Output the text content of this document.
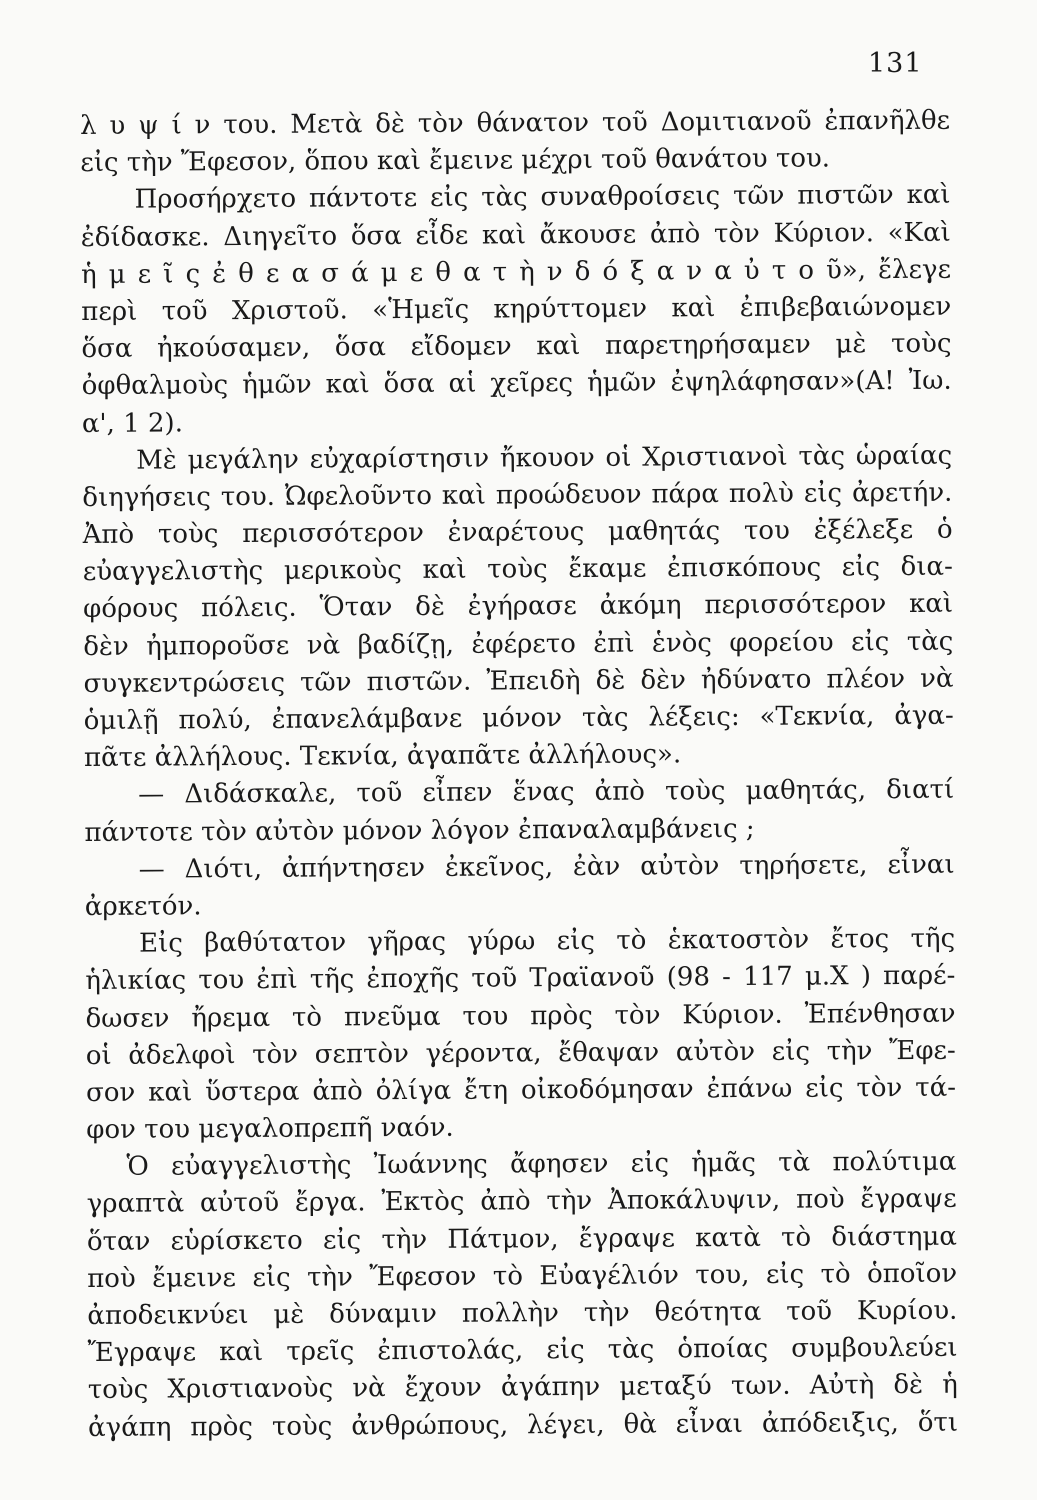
131
λ υ ψ ί ν του. Μετὰ δὲ τὸν θάνατον τοῦ Δομιτιανοῦ ἐπανῆλθε
εἰς τὴν Ἔφεσον, ὅπου καὶ ἔμεινε μέχρι τοῦ θανάτου του.
Προσήρχετο πάντοτε εἰς τὰς συναθροίσεις τῶν πιστῶν καὶ
ἐδίδασκε. Διηγεῖτο ὅσα εἶδε καὶ ἄκουσε ἀπὸ τὸν Κύριον. «Καὶ
ἡ μ ε ῖ ς ἐ θ ε α σ ά μ ε θ α τ ὴ ν δ ό ξ α ν α ὐ τ ο ῦ», ἔλεγε
περὶ τοῦ Χριστοῦ. «Ἡμεῖς κηρύττομεν καὶ ἐπιβεβαιώνομεν
ὅσα ἠκούσαμεν, ὅσα εἴδομεν καὶ παρετηρήσαμεν μὲ τοὺς
ὀφθαλμοὺς ἡμῶν καὶ ὅσα αἱ χεῖρες ἡμῶν ἐψηλάφησαν»(Α! Ἰω.
α', 1 2).
Μὲ μεγάλην εὐχαρίστησιν ἤκουον οἱ Χριστιανοὶ τὰς ὡραίας
διηγήσεις του. Ὠφελοῦντο καὶ προώδευον πάρα πολὺ εἰς ἀρετήν.
Ἀπὸ τοὺς περισσότερον ἐναρέτους μαθητάς του ἐξέλεξε ὁ
εὐαγγελιστὴς μερικοὺς καὶ τοὺς ἔκαμε ἐπισκόπους εἰς δια-
φόρους πόλεις. Ὅταν δὲ ἐγήρασε ἀκόμη περισσότερον καὶ
δὲν ἠμποροῦσε νὰ βαδίζῃ, ἐφέρετο ἐπὶ ἑνὸς φορείου εἰς τὰς
συγκεντρώσεις τῶν πιστῶν. Ἐπειδὴ δὲ δὲν ἠδύνατο πλέον νὰ
ὁμιλῇ πολύ, ἐπανελάμβανε μόνον τὰς λέξεις: «Τεκνία, ἀγα-
πᾶτε ἀλλήλους. Τεκνία, ἀγαπᾶτε ἀλλήλους».
— Διδάσκαλε, τοῦ εἶπεν ἕνας ἀπὸ τοὺς μαθητάς, διατί
πάντοτε τὸν αὐτὸν μόνον λόγον ἐπαναλαμβάνεις ;
— Διότι, ἀπήντησεν ἐκεῖνος, ἐὰν αὐτὸν τηρήσετε, εἶναι
ἀρκετόν.
Εἰς βαθύτατον γῆρας γύρω εἰς τὸ ἑκατοστὸν ἔτος τῆς
ἡλικίας του ἐπὶ τῆς ἐποχῆς τοῦ Τραϊανοῦ (98 - 117 μ.Χ ) παρέ-
δωσεν ἤρεμα τὸ πνεῦμα του πρὸς τὸν Κύριον. Ἐπένθησαν
οἱ ἀδελφοὶ τὸν σεπτὸν γέροντα, ἔθαψαν αὐτὸν εἰς τὴν Ἔφε-
σον καὶ ὕστερα ἀπὸ ὀλίγα ἔτη οἰκοδόμησαν ἐπάνω εἰς τὸν τά-
φον του μεγαλοπρεπῆ ναόν.
Ὁ εὐαγγελιστὴς Ἰωάννης ἄφησεν εἰς ἡμᾶς τὰ πολύτιμα
γραπτὰ αὐτοῦ ἔργα. Ἐκτὸς ἀπὸ τὴν Ἀποκάλυψιν, ποὺ ἔγραψε
ὅταν εὑρίσκετο εἰς τὴν Πάτμον, ἔγραψε κατὰ τὸ διάστημα
ποὺ ἔμεινε εἰς τὴν Ἔφεσον τὸ Εὐαγέλιόν του, εἰς τὸ ὁποῖον
ἀποδεικνύει μὲ δύναμιν πολλὴν τὴν θεότητα τοῦ Κυρίου.
Ἔγραψε καὶ τρεῖς ἐπιστολάς, εἰς τὰς ὁποίας συμβουλεύει
τοὺς Χριστιανοὺς νὰ ἔχουν ἀγάπην μεταξύ των. Αὐτὴ δὲ ἡ
ἀγάπη πρὸς τοὺς ἀνθρώπους, λέγει, θὰ εἶναι ἀπόδειξις, ὅτι
